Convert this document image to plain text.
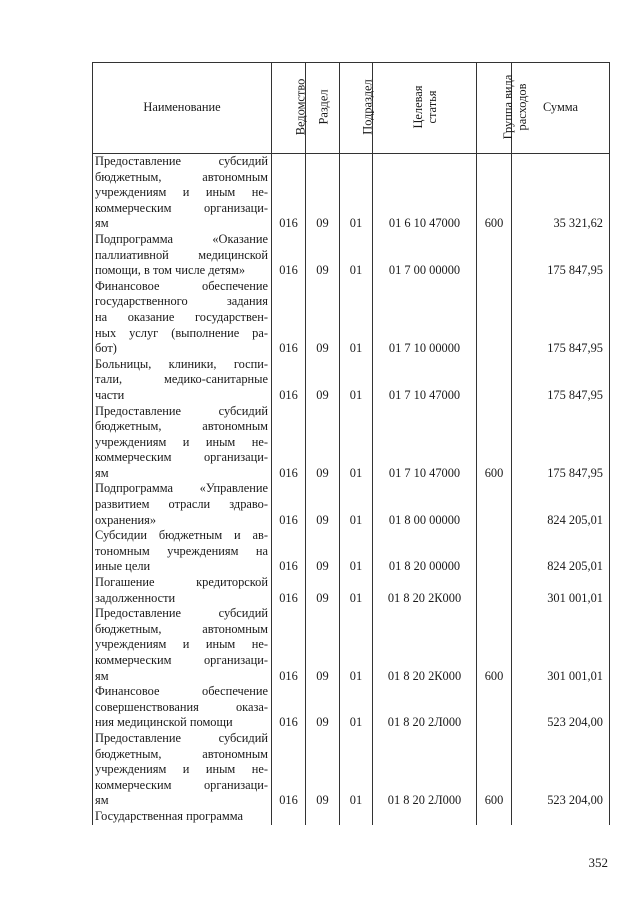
Наименование	Ведомство	Раздел	Подраздел	Целевая статья	Группа вида расходов	Сумма

Предоставление субсидий
бюджетным, автономным
учреждениям и иным не-
коммерческим организаци-
ям	016	09	01	01 6 10 47000	600	35 321,62

Подпрограмма «Оказание
паллиативной медицинской
помощи, в том числе детям»	016	09	01	01 7 00 00000		175 847,95

Финансовое обеспечение
государственного задания
на оказание государствен-
ных услуг (выполнение ра-
бот)	016	09	01	01 7 10 00000		175 847,95

Больницы, клиники, госпи-
тали, медико-санитарные
части	016	09	01	01 7 10 47000		175 847,95

Предоставление субсидий
бюджетным, автономным
учреждениям и иным не-
коммерческим организаци-
ям	016	09	01	01 7 10 47000	600	175 847,95

Подпрограмма «Управление
развитием отрасли здраво-
охранения»	016	09	01	01 8 00 00000		824 205,01

Субсидии бюджетным и ав-
тономным учреждениям на
иные цели	016	09	01	01 8 20 00000		824 205,01

Погашение кредиторской
задолженности	016	09	01	01 8 20 2К000		301 001,01

Предоставление субсидий
бюджетным, автономным
учреждениям и иным не-
коммерческим организаци-
ям	016	09	01	01 8 20 2К000	600	301 001,01

Финансовое обеспечение
совершенствования оказа-
ния медицинской помощи	016	09	01	01 8 20 2Л000		523 204,00

Предоставление субсидий
бюджетным, автономным
учреждениям и иным не-
коммерческим организаци-
ям	016	09	01	01 8 20 2Л000	600	523 204,00

Государственная программа						

352
